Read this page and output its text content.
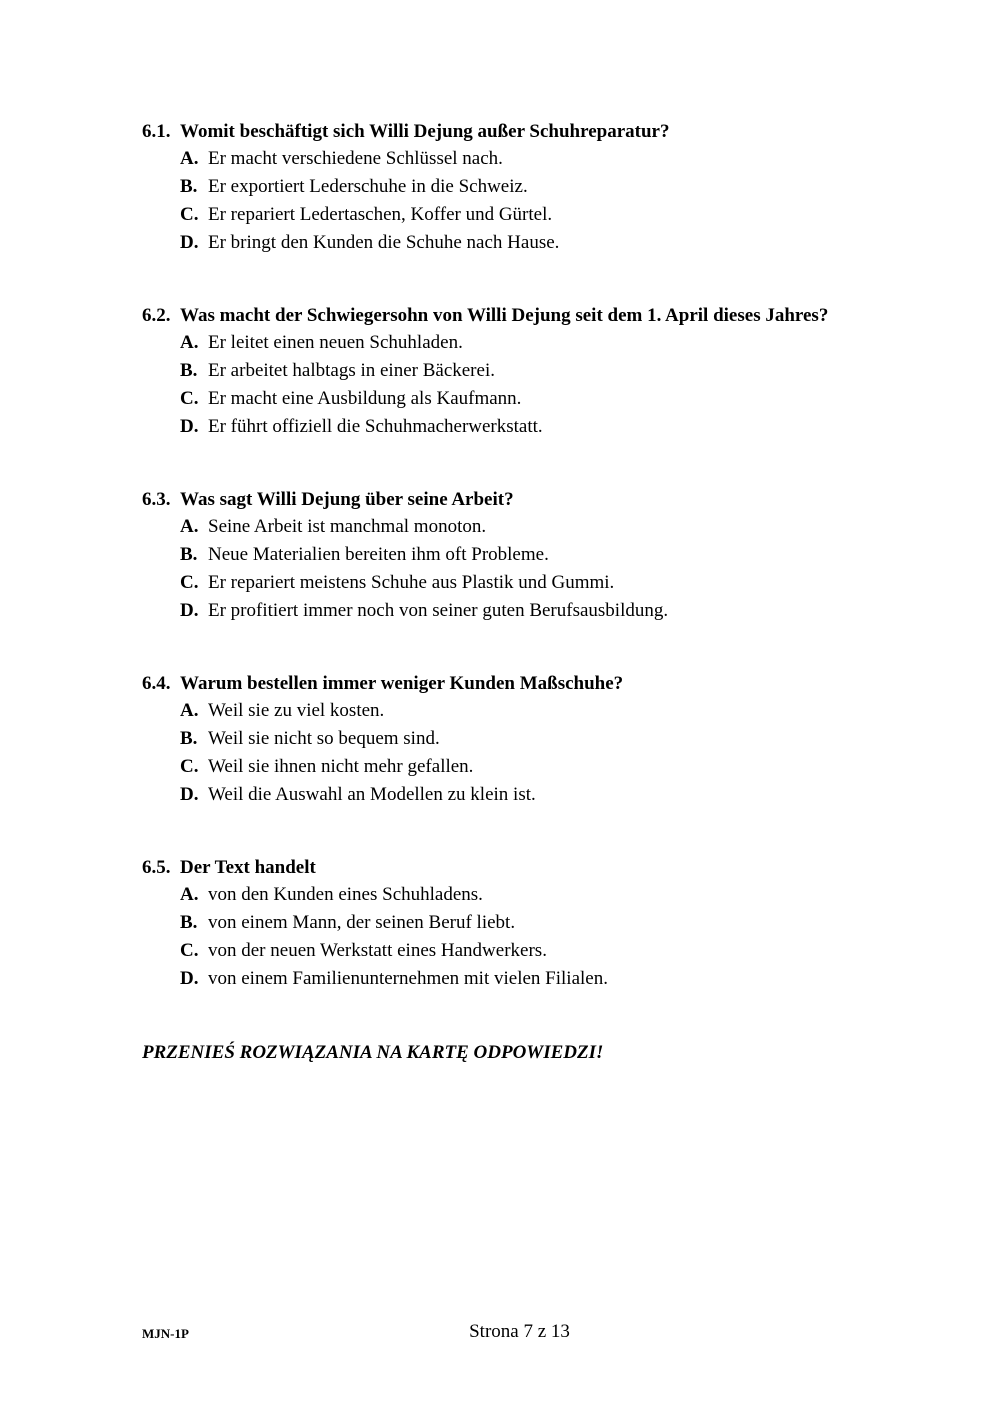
6.1. Womit beschäftigt sich Willi Dejung außer Schuhreparatur?
A. Er macht verschiedene Schlüssel nach.
B. Er exportiert Lederschuhe in die Schweiz.
C. Er repariert Ledertaschen, Koffer und Gürtel.
D. Er bringt den Kunden die Schuhe nach Hause.
6.2. Was macht der Schwiegersohn von Willi Dejung seit dem 1. April dieses Jahres?
A. Er leitet einen neuen Schuhladen.
B. Er arbeitet halbtags in einer Bäckerei.
C. Er macht eine Ausbildung als Kaufmann.
D. Er führt offiziell die Schuhmacherwerkstatt.
6.3. Was sagt Willi Dejung über seine Arbeit?
A. Seine Arbeit ist manchmal monoton.
B. Neue Materialien bereiten ihm oft Probleme.
C. Er repariert meistens Schuhe aus Plastik und Gummi.
D. Er profitiert immer noch von seiner guten Berufsausbildung.
6.4. Warum bestellen immer weniger Kunden Maßschuhe?
A. Weil sie zu viel kosten.
B. Weil sie nicht so bequem sind.
C. Weil sie ihnen nicht mehr gefallen.
D. Weil die Auswahl an Modellen zu klein ist.
6.5. Der Text handelt
A. von den Kunden eines Schuhladens.
B. von einem Mann, der seinen Beruf liebt.
C. von der neuen Werkstatt eines Handwerkers.
D. von einem Familienunternehmen mit vielen Filialen.

PRZENIEŚ ROZWIĄZANIA NA KARTĘ ODPOWIEDZI!

MJN-1P	Strona 7 z 13
